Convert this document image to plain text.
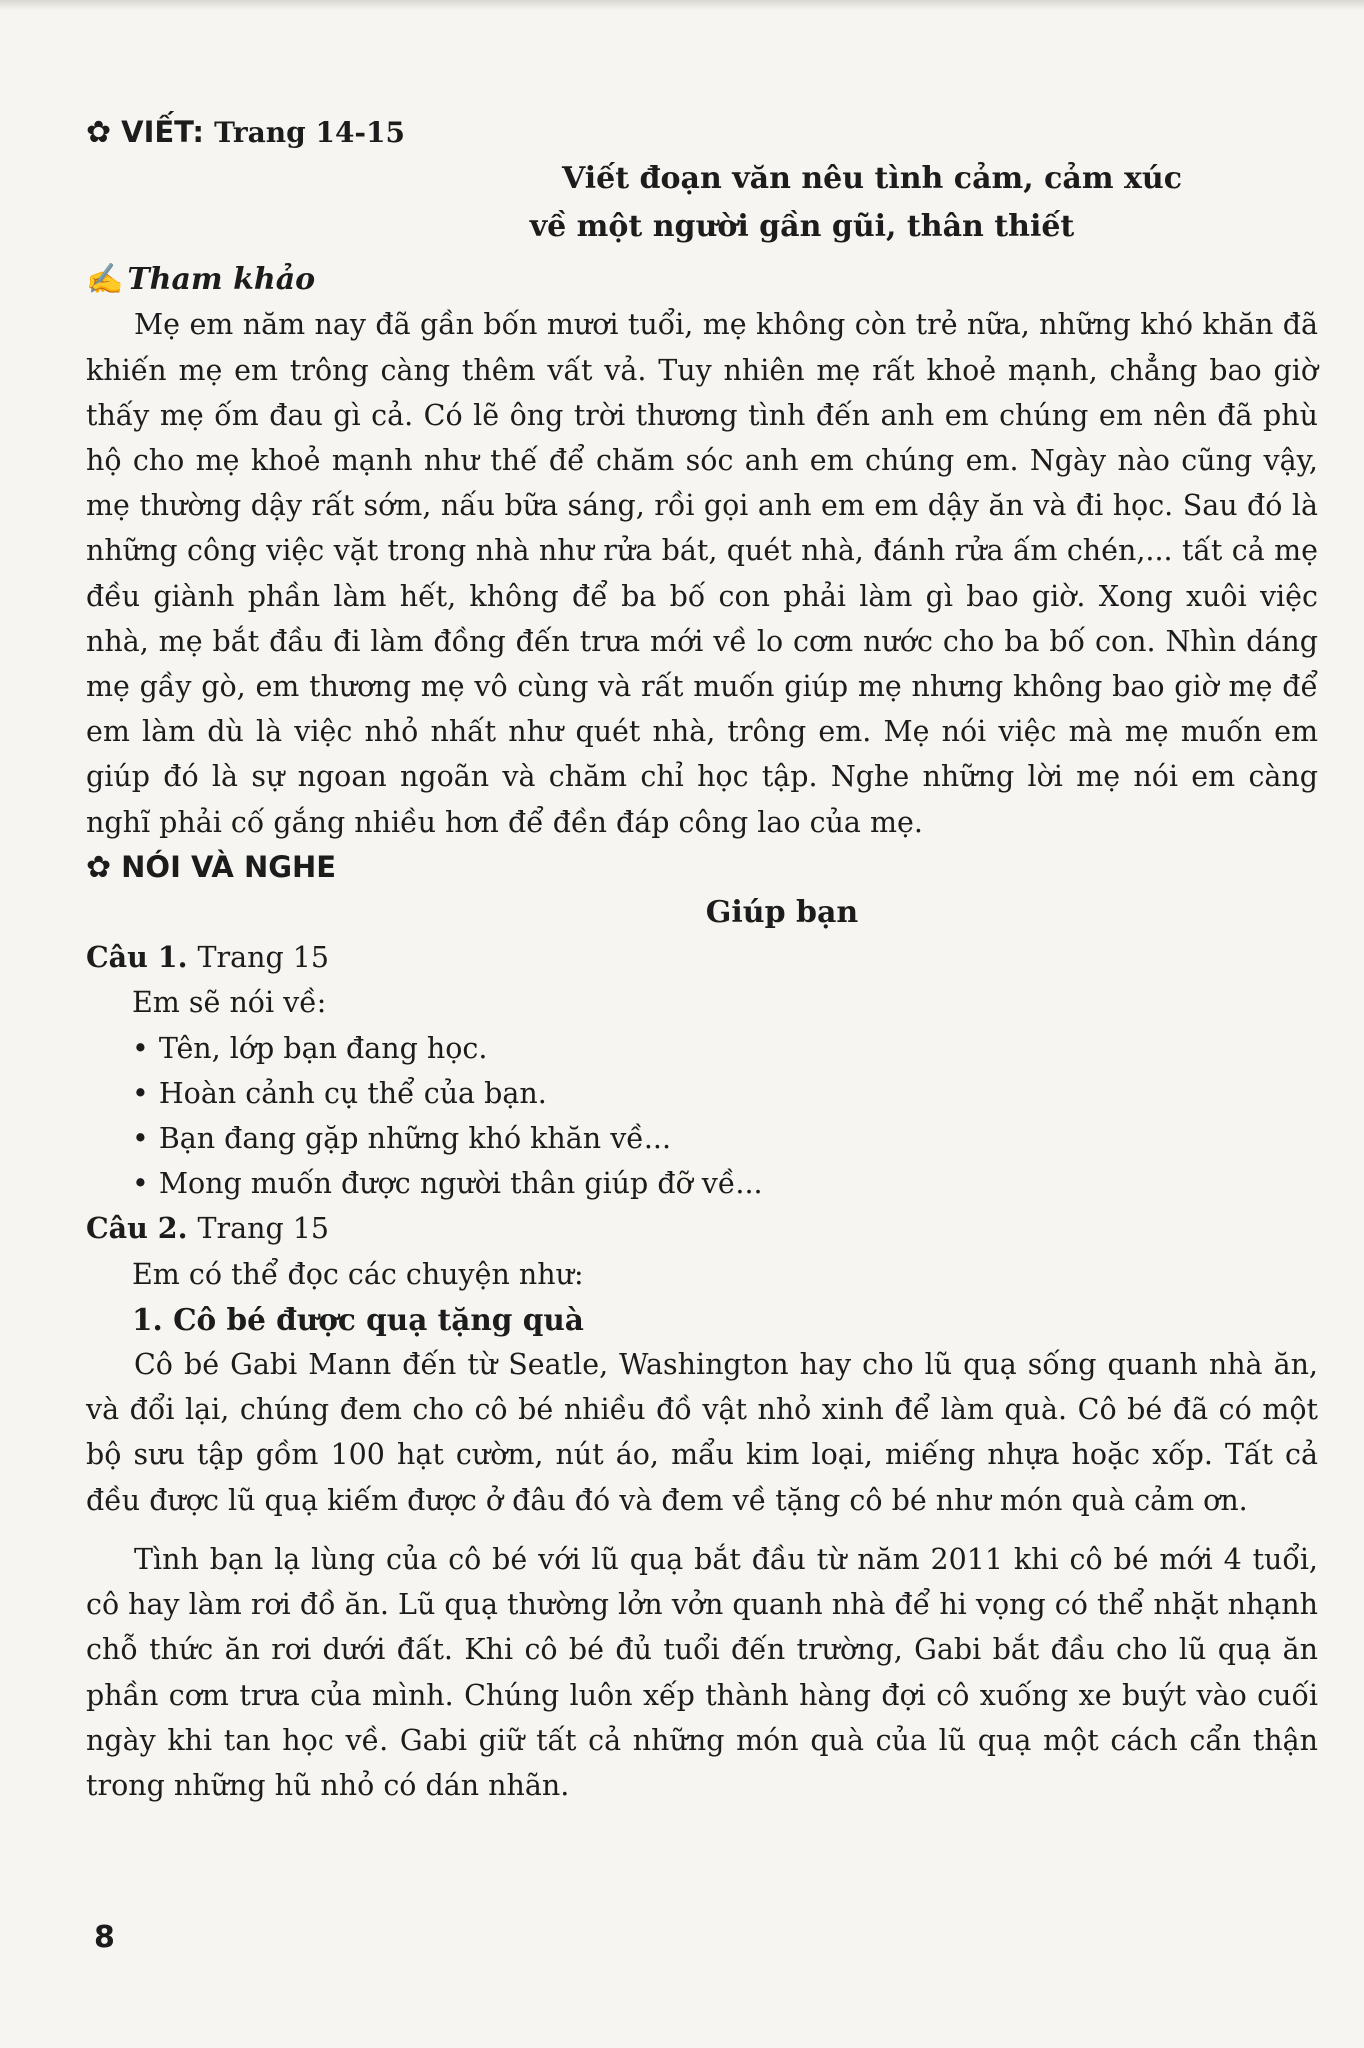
✿ VIẾT: Trang 14-15
Viết đoạn văn nêu tình cảm, cảm xúc
về một người gần gũi, thân thiết
✍ Tham khảo

Mẹ em năm nay đã gần bốn mươi tuổi, mẹ không còn trẻ nữa, những khó khăn đã khiến mẹ em trông càng thêm vất vả. Tuy nhiên mẹ rất khoẻ mạnh, chẳng bao giờ thấy mẹ ốm đau gì cả. Có lẽ ông trời thương tình đến anh em chúng em nên đã phù hộ cho mẹ khoẻ mạnh như thế để chăm sóc anh em chúng em. Ngày nào cũng vậy, mẹ thường dậy rất sớm, nấu bữa sáng, rồi gọi anh em em dậy ăn và đi học. Sau đó là những công việc vặt trong nhà như rửa bát, quét nhà, đánh rửa ấm chén,... tất cả mẹ đều giành phần làm hết, không để ba bố con phải làm gì bao giờ. Xong xuôi việc nhà, mẹ bắt đầu đi làm đồng đến trưa mới về lo cơm nước cho ba bố con. Nhìn dáng mẹ gầy gò, em thương mẹ vô cùng và rất muốn giúp mẹ nhưng không bao giờ mẹ để em làm dù là việc nhỏ nhất như quét nhà, trông em. Mẹ nói việc mà mẹ muốn em giúp đó là sự ngoan ngoãn và chăm chỉ học tập. Nghe những lời mẹ nói em càng nghĩ phải cố gắng nhiều hơn để đền đáp công lao của mẹ.

✿ NÓI VÀ NGHE
Giúp bạn
Câu 1. Trang 15
Em sẽ nói về:
• Tên, lớp bạn đang học.
• Hoàn cảnh cụ thể của bạn.
• Bạn đang gặp những khó khăn về...
• Mong muốn được người thân giúp đỡ về...
Câu 2. Trang 15
Em có thể đọc các chuyện như:
1. Cô bé được quạ tặng quà

Cô bé Gabi Mann đến từ Seatle, Washington hay cho lũ quạ sống quanh nhà ăn, và đổi lại, chúng đem cho cô bé nhiều đồ vật nhỏ xinh để làm quà. Cô bé đã có một bộ sưu tập gồm 100 hạt cườm, nút áo, mẩu kim loại, miếng nhựa hoặc xốp. Tất cả đều được lũ quạ kiếm được ở đâu đó và đem về tặng cô bé như món quà cảm ơn.

Tình bạn lạ lùng của cô bé với lũ quạ bắt đầu từ năm 2011 khi cô bé mới 4 tuổi, cô hay làm rơi đồ ăn. Lũ quạ thường lởn vởn quanh nhà để hi vọng có thể nhặt nhạnh chỗ thức ăn rơi dưới đất. Khi cô bé đủ tuổi đến trường, Gabi bắt đầu cho lũ quạ ăn phần cơm trưa của mình. Chúng luôn xếp thành hàng đợi cô xuống xe buýt vào cuối ngày khi tan học về. Gabi giữ tất cả những món quà của lũ quạ một cách cẩn thận trong những hũ nhỏ có dán nhãn.

8
